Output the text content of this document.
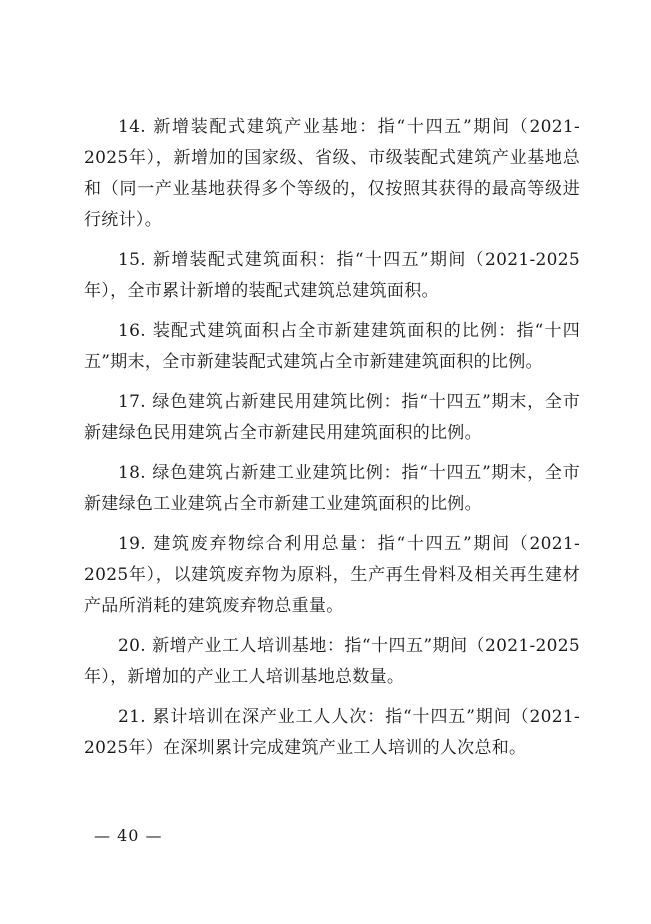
14. 新增装配式建筑产业基地：指“十四五”期间（2021-2025年），新增加的国家级、省级、市级装配式建筑产业基地总和（同一产业基地获得多个等级的，仅按照其获得的最高等级进行统计）。

15. 新增装配式建筑面积：指“十四五”期间（2021-2025年），全市累计新增的装配式建筑总建筑面积。

16. 装配式建筑面积占全市新建建筑面积的比例：指“十四五”期末，全市新建装配式建筑占全市新建建筑面积的比例。

17. 绿色建筑占新建民用建筑比例：指“十四五”期末，全市新建绿色民用建筑占全市新建民用建筑面积的比例。

18. 绿色建筑占新建工业建筑比例：指“十四五”期末，全市新建绿色工业建筑占全市新建工业建筑面积的比例。

19. 建筑废弃物综合利用总量：指“十四五”期间（2021-2025年），以建筑废弃物为原料，生产再生骨料及相关再生建材产品所消耗的建筑废弃物总重量。

20. 新增产业工人培训基地：指“十四五”期间（2021-2025年），新增加的产业工人培训基地总数量。

21. 累计培训在深产业工人人次：指“十四五”期间（2021-2025年）在深圳累计完成建筑产业工人培训的人次总和。

— 40 —
